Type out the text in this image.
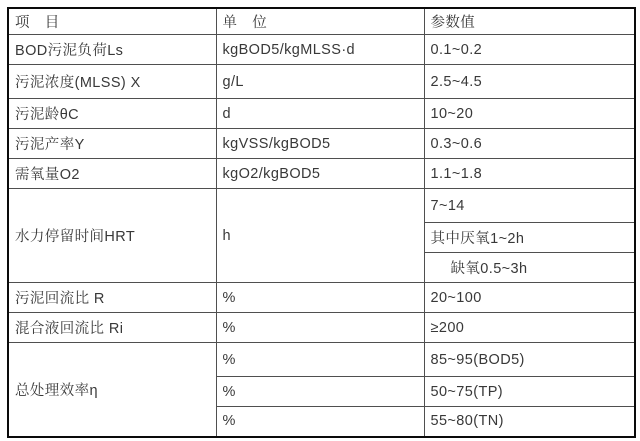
项　目	单　位	参数值
BOD污泥负荷Ls	kgBOD5/kgMLSS·d	0.1~0.2
污泥浓度(MLSS) X	g/L	2.5~4.5
污泥龄θC	d	10~20
污泥产率Y	kgVSS/kgBOD5	0.3~0.6
需氧量O2	kgO2/kgBOD5	1.1~1.8
水力停留时间HRT	h	7~14
		其中厌氧1~2h
		缺氧0.5~3h
污泥回流比 R	%	20~100
混合液回流比 Ri	%	≥200
总处理效率η	%	85~95(BOD5)
	%	50~75(TP)
	%	55~80(TN)
